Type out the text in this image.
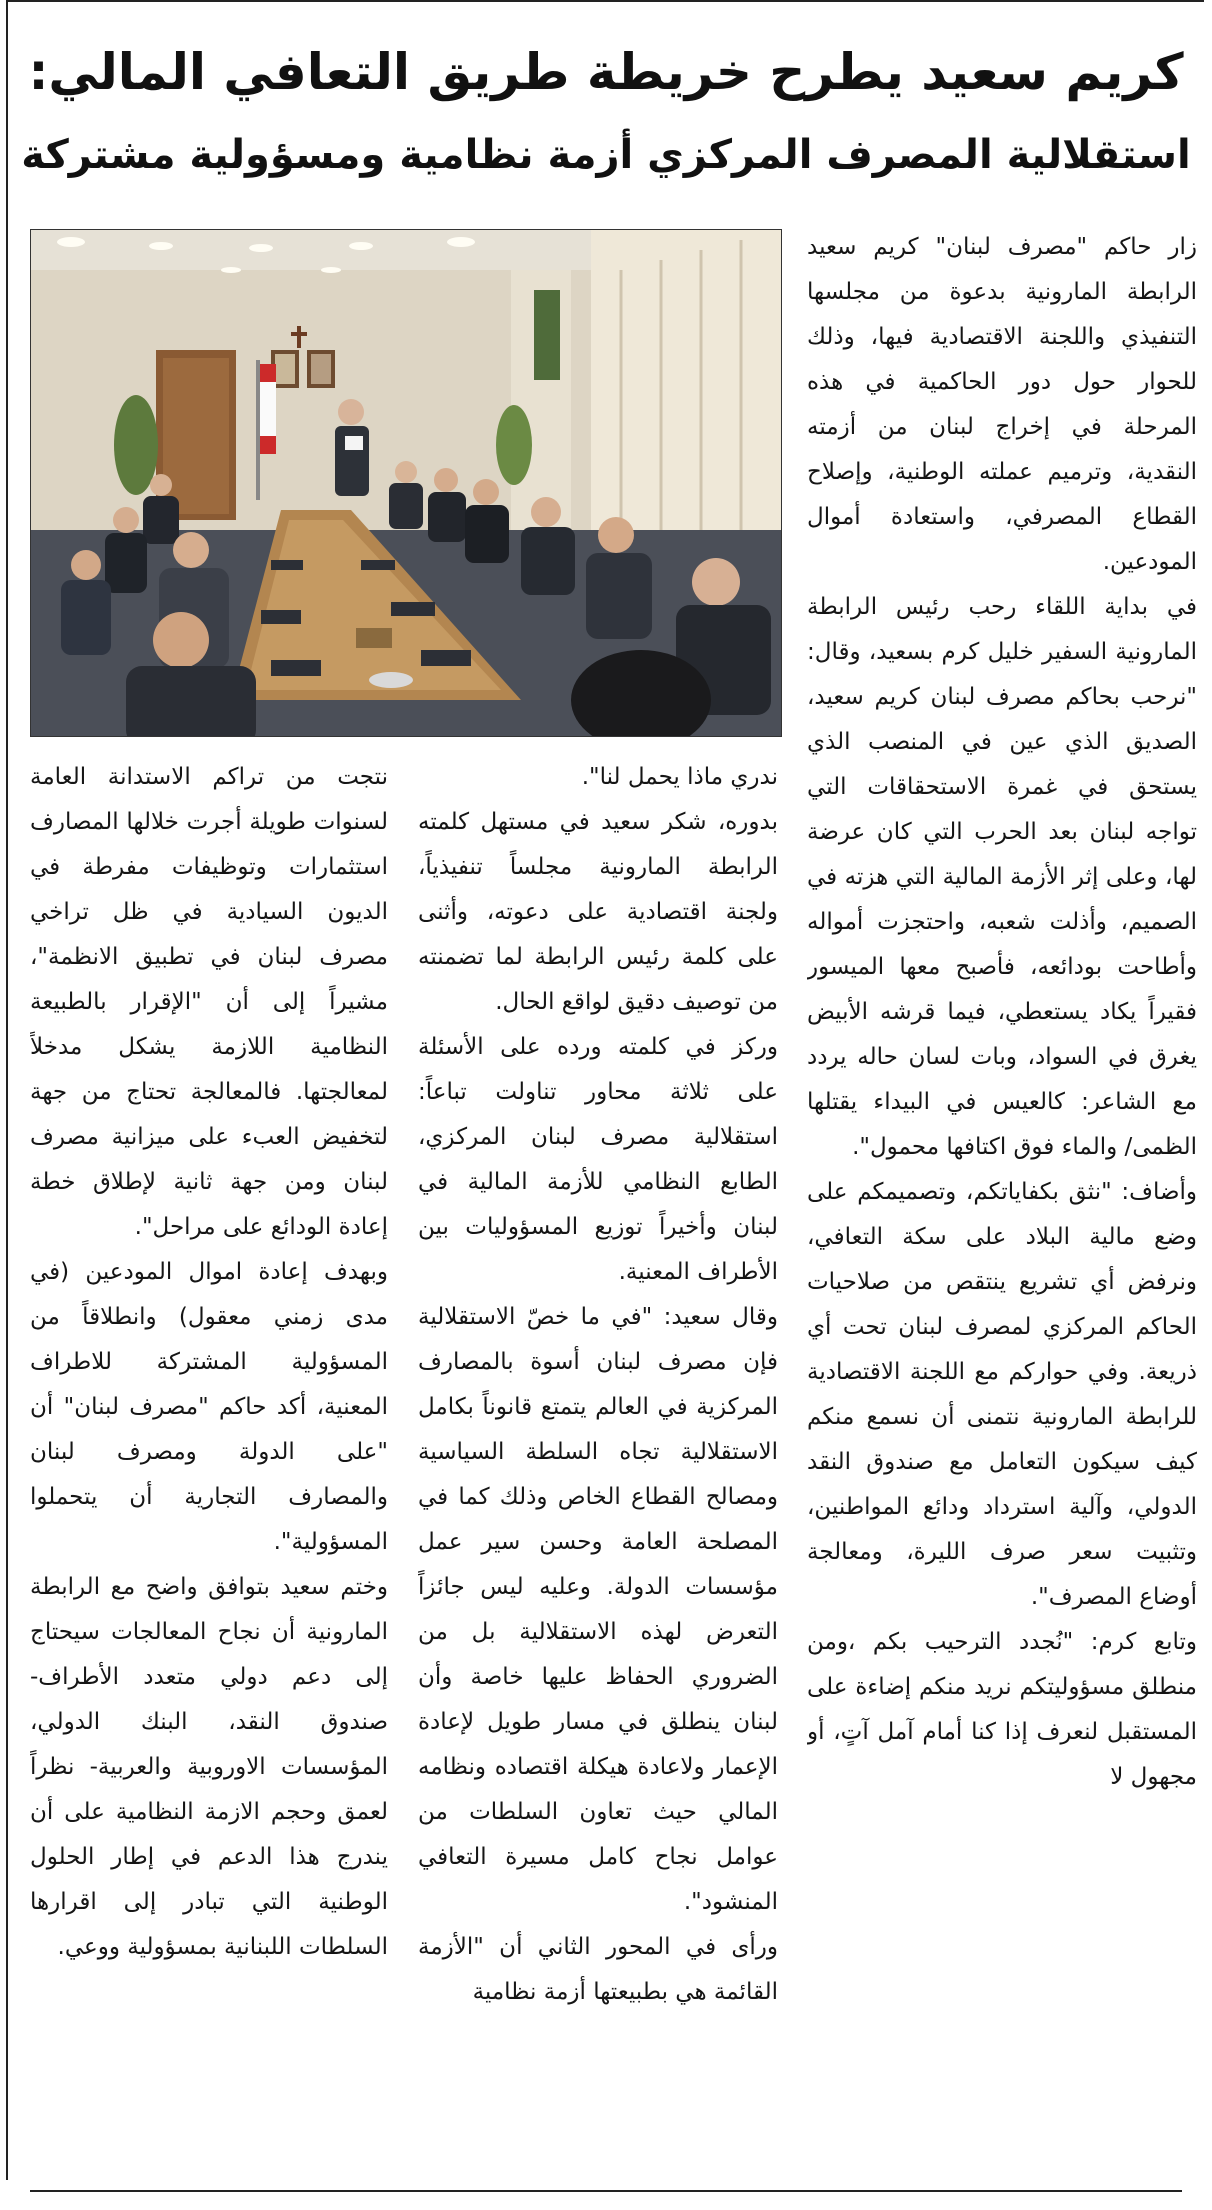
كريم سعيد يطرح خريطة طريق التعافي المالي:
استقلالية المصرف المركزي أزمة نظامية ومسؤولية مشتركة

زار حاكم "مصرف لبنان" كريم سعيد الرابطة المارونية بدعوة من مجلسها التنفيذي واللجنة الاقتصادية فيها، وذلك للحوار حول دور الحاكمية في هذه المرحلة في إخراج لبنان من أزمته النقدية، وترميم عملته الوطنية، وإصلاح القطاع المصرفي، واستعادة أموال المودعين.

في بداية اللقاء رحب رئيس الرابطة المارونية السفير خليل كرم بسعيد، وقال: "نرحب بحاكم مصرف لبنان كريم سعيد، الصديق الذي عين في المنصب الذي يستحق في غمرة الاستحقاقات التي تواجه لبنان بعد الحرب التي كان عرضة لها، وعلى إثر الأزمة المالية التي هزته في الصميم، وأذلت شعبه، واحتجزت أمواله وأطاحت بودائعه، فأصبح معها الميسور فقيراً يكاد يستعطي، فيما قرشه الأبيض يغرق في السواد، وبات لسان حاله يردد مع الشاعر: كالعيس في البيداء يقتلها الظمى/ والماء فوق اكتافها محمول".

وأضاف: "نثق بكفاياتكم، وتصميمكم على وضع مالية البلاد على سكة التعافي، ونرفض أي تشريع ينتقص من صلاحيات الحاكم المركزي لمصرف لبنان تحت أي ذريعة. وفي حواركم مع اللجنة الاقتصادية للرابطة المارونية نتمنى أن نسمع منكم كيف سيكون التعامل مع صندوق النقد الدولي، وآلية استرداد ودائع المواطنين، وتثبيت سعر صرف الليرة، ومعالجة أوضاع المصرف".

وتابع كرم: "نُجدد الترحيب بكم ،ومن منطلق مسؤوليتكم نريد منكم إضاءة على المستقبل لنعرف إذا كنا أمام آمل آتٍ، أو مجهول لا

ندري ماذا يحمل لنا".

بدوره، شكر سعيد في مستهل كلمته الرابطة المارونية مجلساً تنفيذياً، ولجنة اقتصادية على دعوته، وأثنى على كلمة رئيس الرابطة لما تضمنته من توصيف دقيق لواقع الحال.

وركز في كلمته ورده على الأسئلة على ثلاثة محاور تناولت تباعاً: استقلالية مصرف لبنان المركزي، الطابع النظامي للأزمة المالية في لبنان وأخيراً توزيع المسؤوليات بين الأطراف المعنية.

وقال سعيد: "في ما خصّ الاستقلالية فإن مصرف لبنان أسوة بالمصارف المركزية في العالم يتمتع قانوناً بكامل الاستقلالية تجاه السلطة السياسية ومصالح القطاع الخاص وذلك كما في المصلحة العامة وحسن سير عمل مؤسسات الدولة. وعليه ليس جائزاً التعرض لهذه الاستقلالية بل من الضروري الحفاظ عليها خاصة وأن لبنان ينطلق في مسار طويل لإعادة الإعمار ولاعادة هيكلة اقتصاده ونظامه المالي حيث تعاون السلطات من عوامل نجاح كامل مسيرة التعافي المنشود".

ورأى في المحور الثاني أن "الأزمة القائمة هي بطبيعتها أزمة نظامية

نتجت من تراكم الاستدانة العامة لسنوات طويلة أجرت خلالها المصارف استثمارات وتوظيفات مفرطة في الديون السيادية في ظل تراخي مصرف لبنان في تطبيق الانظمة"، مشيراً إلى أن "الإقرار بالطبيعة النظامية اللازمة يشكل مدخلاً لمعالجتها. فالمعالجة تحتاج من جهة لتخفيض العبء على ميزانية مصرف لبنان ومن جهة ثانية لإطلاق خطة إعادة الودائع على مراحل".

وبهدف إعادة اموال المودعين (في مدى زمني معقول) وانطلاقاً من المسؤولية المشتركة للاطراف المعنية، أكد حاكم "مصرف لبنان" أن "على الدولة ومصرف لبنان والمصارف التجارية أن يتحملوا المسؤولية".

وختم سعيد بتوافق واضح مع الرابطة المارونية أن نجاح المعالجات سيحتاج إلى دعم دولي متعدد الأطراف- صندوق النقد، البنك الدولي، المؤسسات الاوروبية والعربية- نظراً لعمق وحجم الازمة النظامية على أن يندرج هذا الدعم في إطار الحلول الوطنية التي تبادر إلى اقرارها السلطات اللبنانية بمسؤولية ووعي.
